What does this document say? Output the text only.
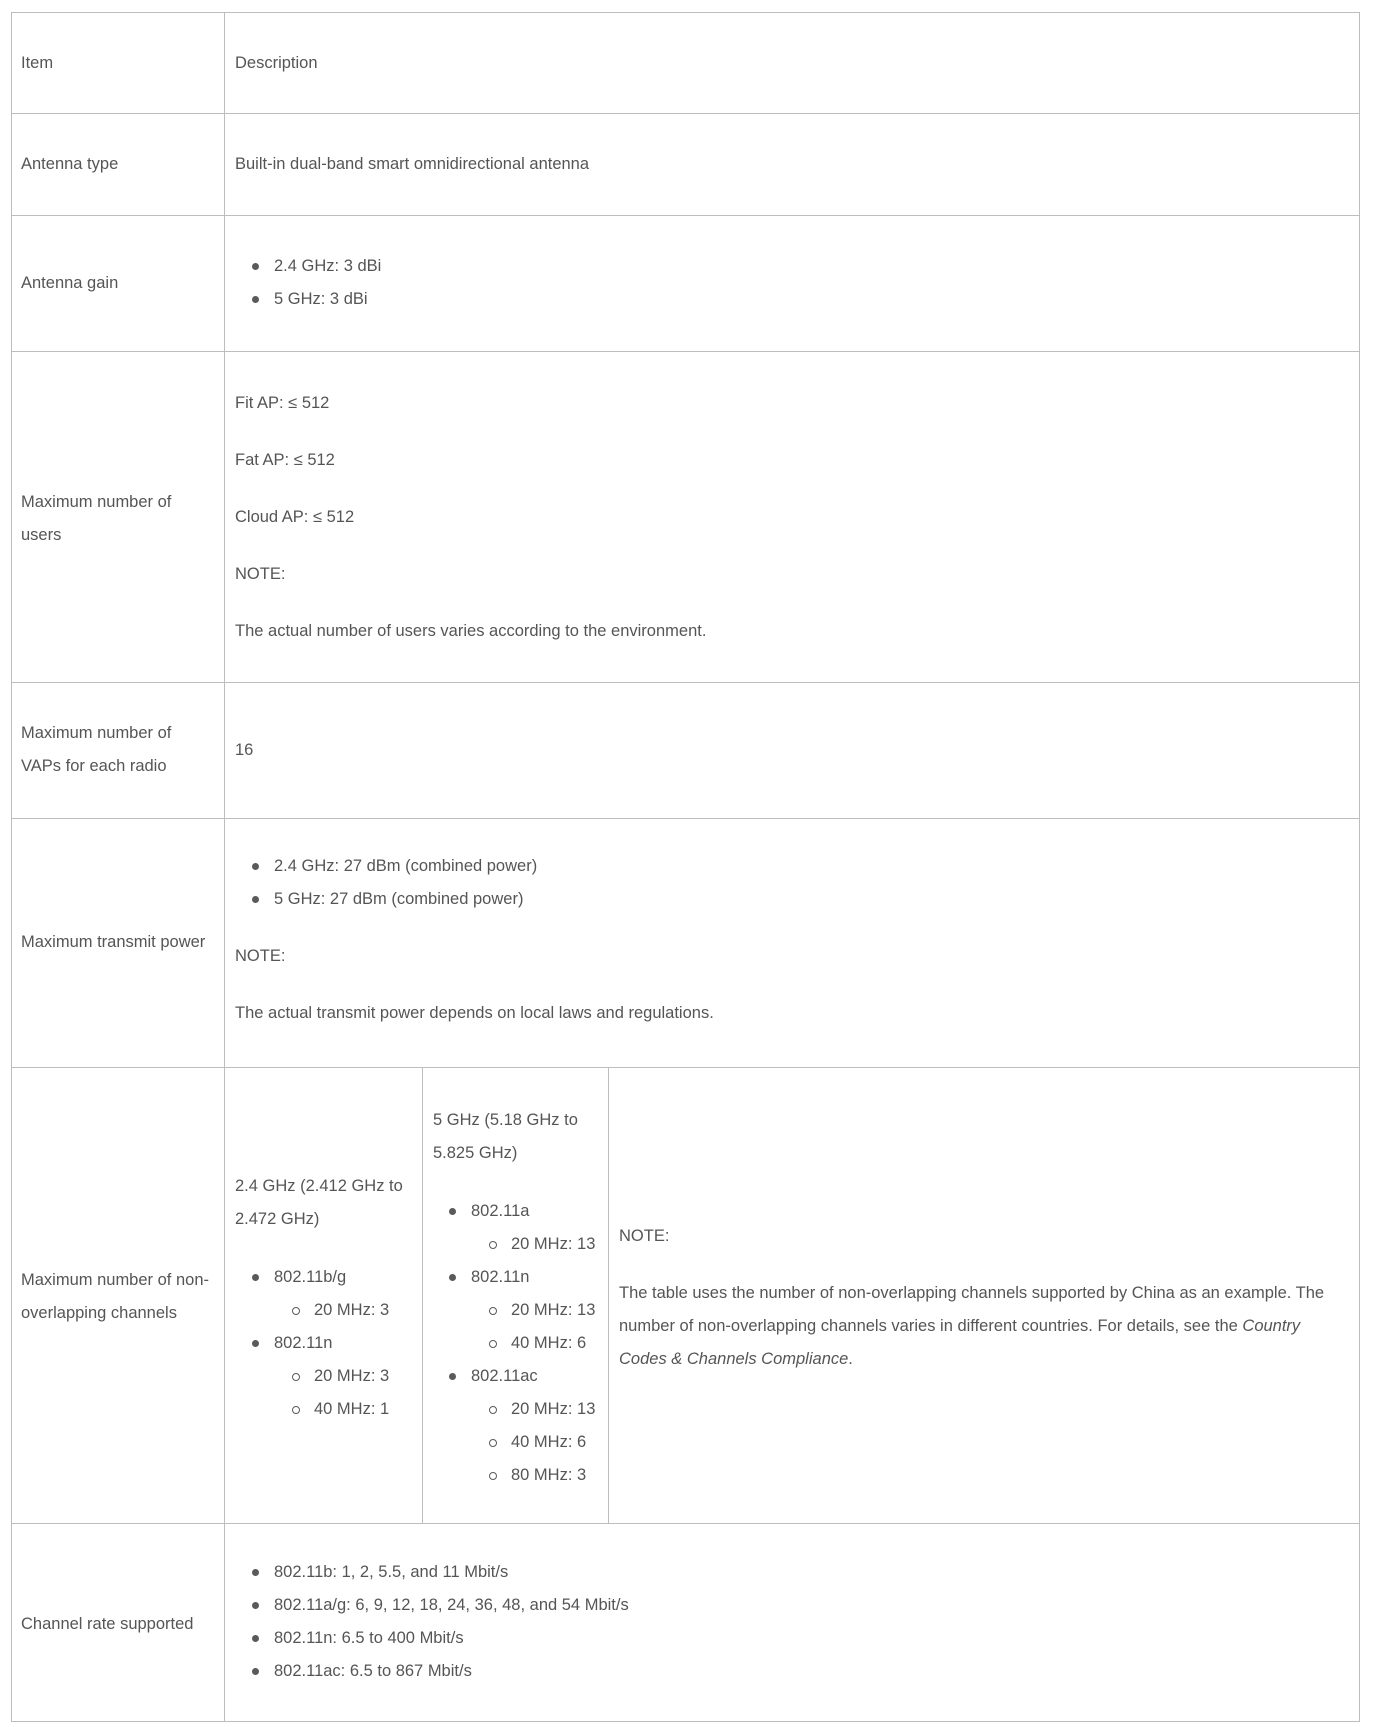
Item	Description
Antenna type	Built-in dual-band smart omnidirectional antenna
Antenna gain
2.4 GHz: 3 dBi
5 GHz: 3 dBi
Maximum number of
users
Fit AP: ≤ 512
Fat AP: ≤ 512
Cloud AP: ≤ 512
NOTE:
The actual number of users varies according to the environment.
Maximum number of
VAPs for each radio
16
Maximum transmit power
2.4 GHz: 27 dBm (combined power)
5 GHz: 27 dBm (combined power)
NOTE:
The actual transmit power depends on local laws and regulations.
Maximum number of non-
overlapping channels
2.4 GHz (2.412 GHz to
2.472 GHz)
802.11b/g
20 MHz: 3
802.11n
20 MHz: 3
40 MHz: 1
5 GHz (5.18 GHz to
5.825 GHz)
802.11a
20 MHz: 13
802.11n
20 MHz: 13
40 MHz: 6
802.11ac
20 MHz: 13
40 MHz: 6
80 MHz: 3
NOTE:
The table uses the number of non-overlapping channels supported by China as an example. The
number of non-overlapping channels varies in different countries. For details, see the Country
Codes & Channels Compliance.
Channel rate supported
802.11b: 1, 2, 5.5, and 11 Mbit/s
802.11a/g: 6, 9, 12, 18, 24, 36, 48, and 54 Mbit/s
802.11n: 6.5 to 400 Mbit/s
802.11ac: 6.5 to 867 Mbit/s
